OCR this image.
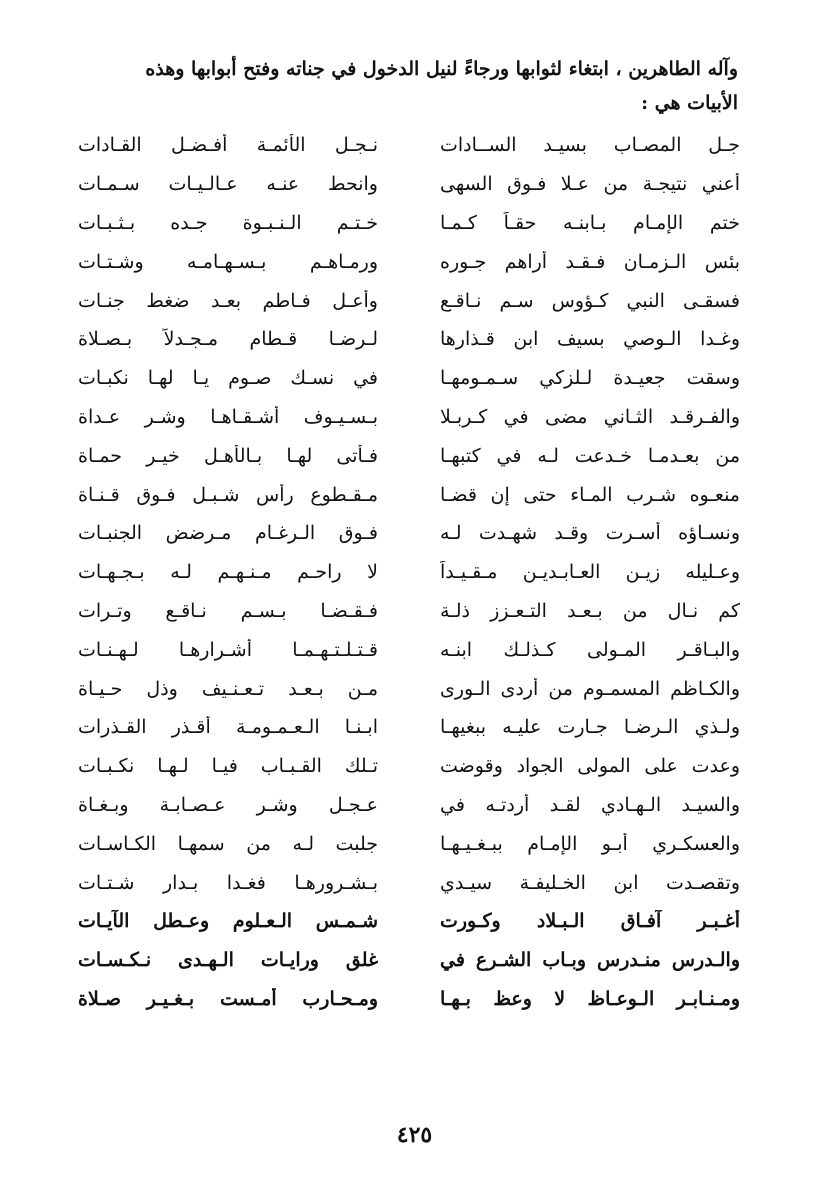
وآله الطاهرين ، ابتغاء لثوابها ورجاءً لنيل الدخول في جناته وفتح أبوابها وهذه
الأبيات هي :
جـل المصـاب بسيـد الســادات
نـجـل الأئمـة أفـضـل القـادات
أعني نتيجـة من عـلا فـوق السهى
وانحط عنـه عـالـيـات سـمـات
ختم الإمـام بـابنـه حقـاً كـمـا
خـتـم الـنـبـوة جـده بـثـبـات
بئس الـزمـان فـقـد أراهم جـوره
ورمـاهـم بـسـهـامـه وشـتـات
فسقـى النبي كـؤوس سـم نـاقـع
وأعـل فـاطم بعـد ضغط جنـات
وغـدا الـوصي بسيف ابن قـذارها
لـرضـا قـطام مـجـدلاً بـصـلاة
وسقت جعيـدة لـلزكي سـمـومهـا
في نسـك صـوم يـا لهـا نكبـات
والفـرقـد الثـاني مضى في كـربـلا
بـسـيـوف أشـقـاهـا وشـر عـداة
من بعـدمـا خـدعت لـه في كتبهـا
فـأتى لهـا بـالأهـل خيـر حمـاة
منعـوه شـرب المـاء حتى إن قضـا
مـقـطوع رأس شـبـل فـوق قـنـاة
ونسـاؤه أسـرت وقـد شهـدت لـه
فـوق الـرغـام مـرضض الجنبـات
وعـليله زيـن العـابـديـن مـقـيـداً
لا راحـم مـنـهـم لـه بـجـهـات
كم نـال من بـعـد التـعـزز ذلـة
فـقـضـا بـسـم نـاقـع وتـرات
والبـاقـر المـولى كـذلـك ابنـه
قـتـلـتـهـمـا أشـرارهـا لـهـنـات
والكـاظم المسمـوم من أردى الـورى
مـن بـعـد تـعـنـيف وذل حـيـاة
ولـذي الـرضـا جـارت عليـه ببغيهـا
ابـنـا الـعـمـومـة أقـذر القـذرات
وعدت على المولى الجواد وقوضت
تـلك القـبـاب فيـا لـهـا نكـبـات
والسيـد الـهـادي لقـد أردتـه في
عـجـل وشـر عـصـابـة وبـغـاة
والعسكـري أبـو الإمـام ببـغـيـهـا
جلبت لـه من سمهـا الكـاسـات
وتقصـدت ابن الخـليفـة سيـدي
بـشـرورهـا فغـدا بـدار شـتـات
أغـبـر آفـاق الـبـلاد وكـورت
شـمـس الـعـلوم وعـطل الآيـات
والـدرس منـدرس وبـاب الشـرع في
غلق ورايـات الـهـدى نـكـسـات
ومـنـابـر الـوعـاظ لا وعظ بـهـا
ومـحـارب أمـست بـغـيـر صـلاة
٤٢٥
